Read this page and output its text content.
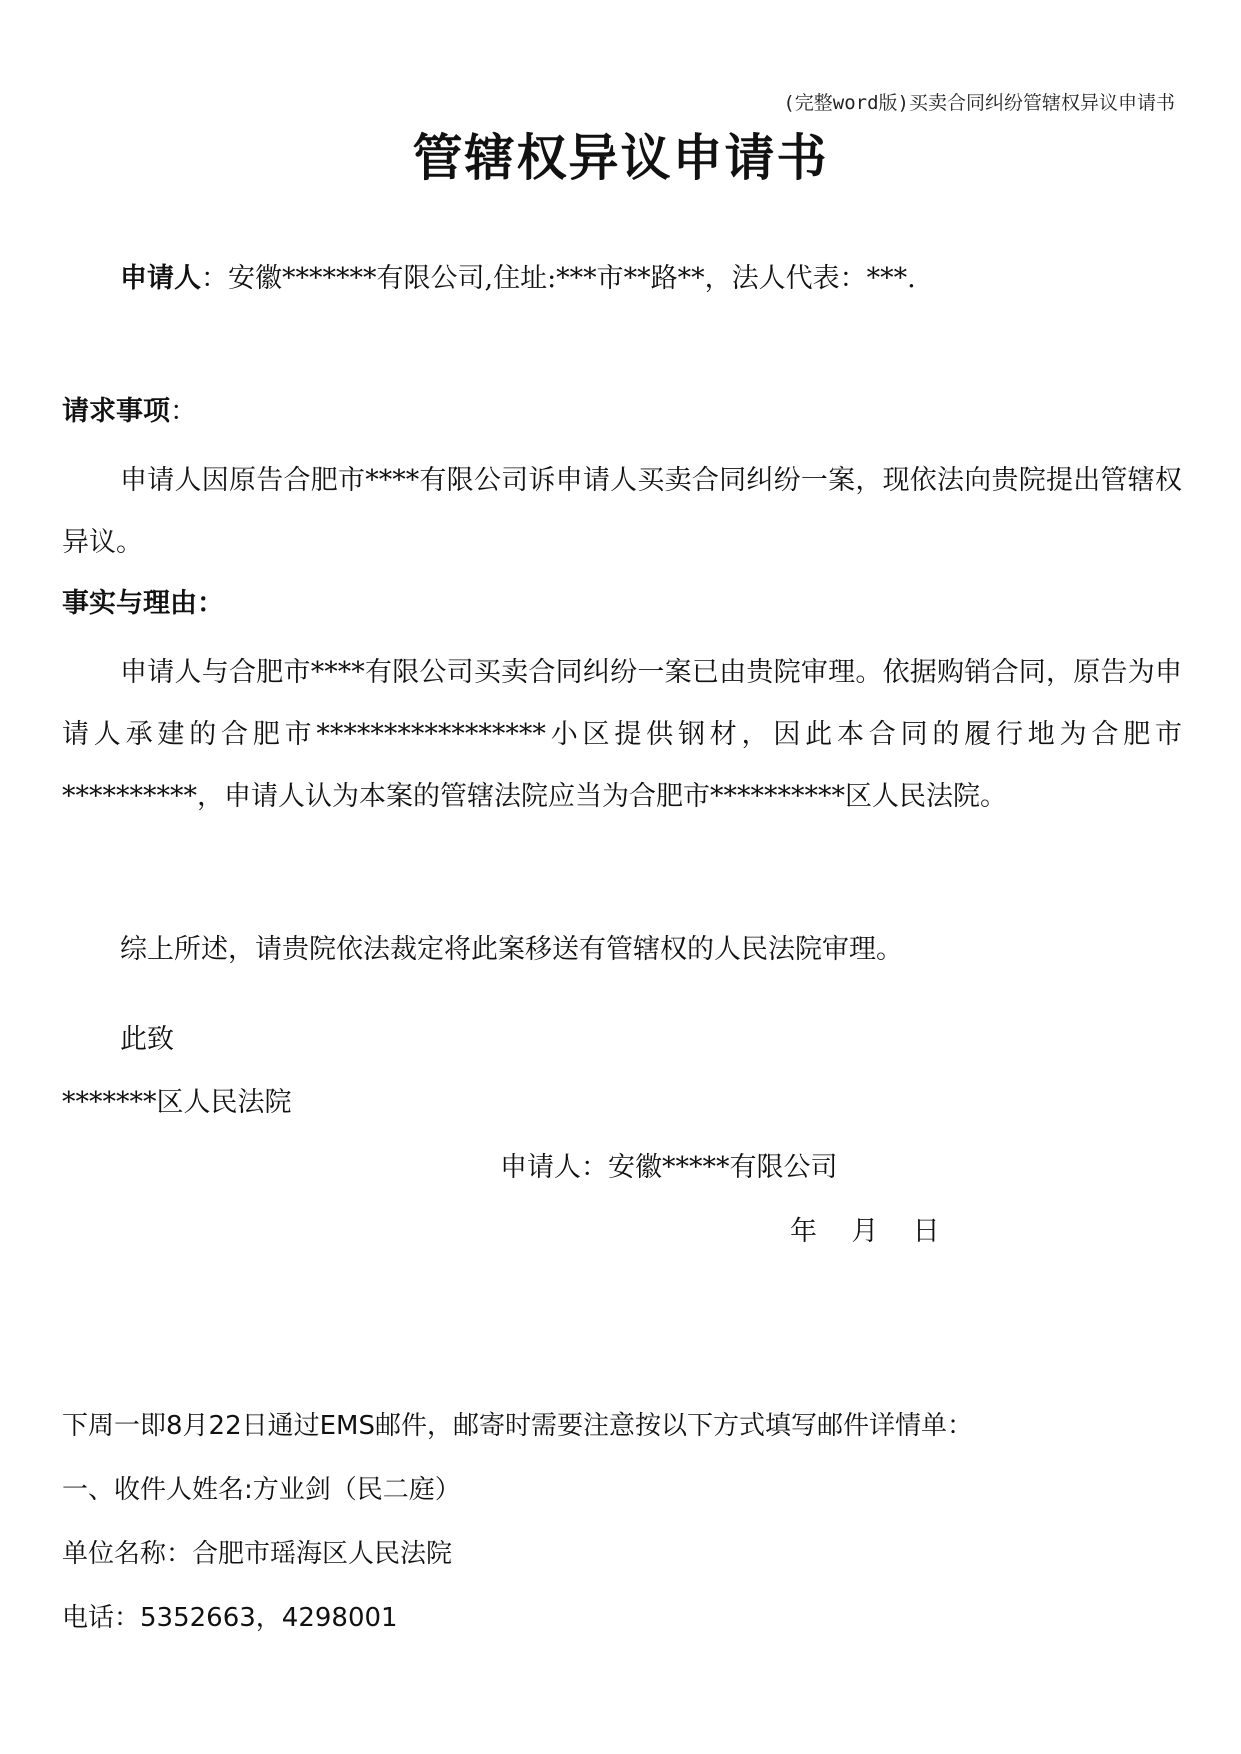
(完整word版)买卖合同纠纷管辖权异议申请书
管辖权异议申请书
申请人：安徽*******有限公司,住址:***市**路**，法人代表：***.
请求事项：
申请人因原告合肥市****有限公司诉申请人买卖合同纠纷一案，现依法向贵院提出管辖权异议。
事实与理由：
申请人与合肥市****有限公司买卖合同纠纷一案已由贵院审理。依据购销合同，原告为申请人承建的合肥市*****************小区提供钢材，因此本合同的履行地为合肥市**********，申请人认为本案的管辖法院应当为合肥市**********区人民法院。
综上所述，请贵院依法裁定将此案移送有管辖权的人民法院审理。
此致
*******区人民法院
申请人：安徽*****有限公司
年    月    日
下周一即8月22日通过EMS邮件，邮寄时需要注意按以下方式填写邮件详情单：
一、收件人姓名:方业剑（民二庭）
单位名称：合肥市瑶海区人民法院
电话：5352663，4298001
